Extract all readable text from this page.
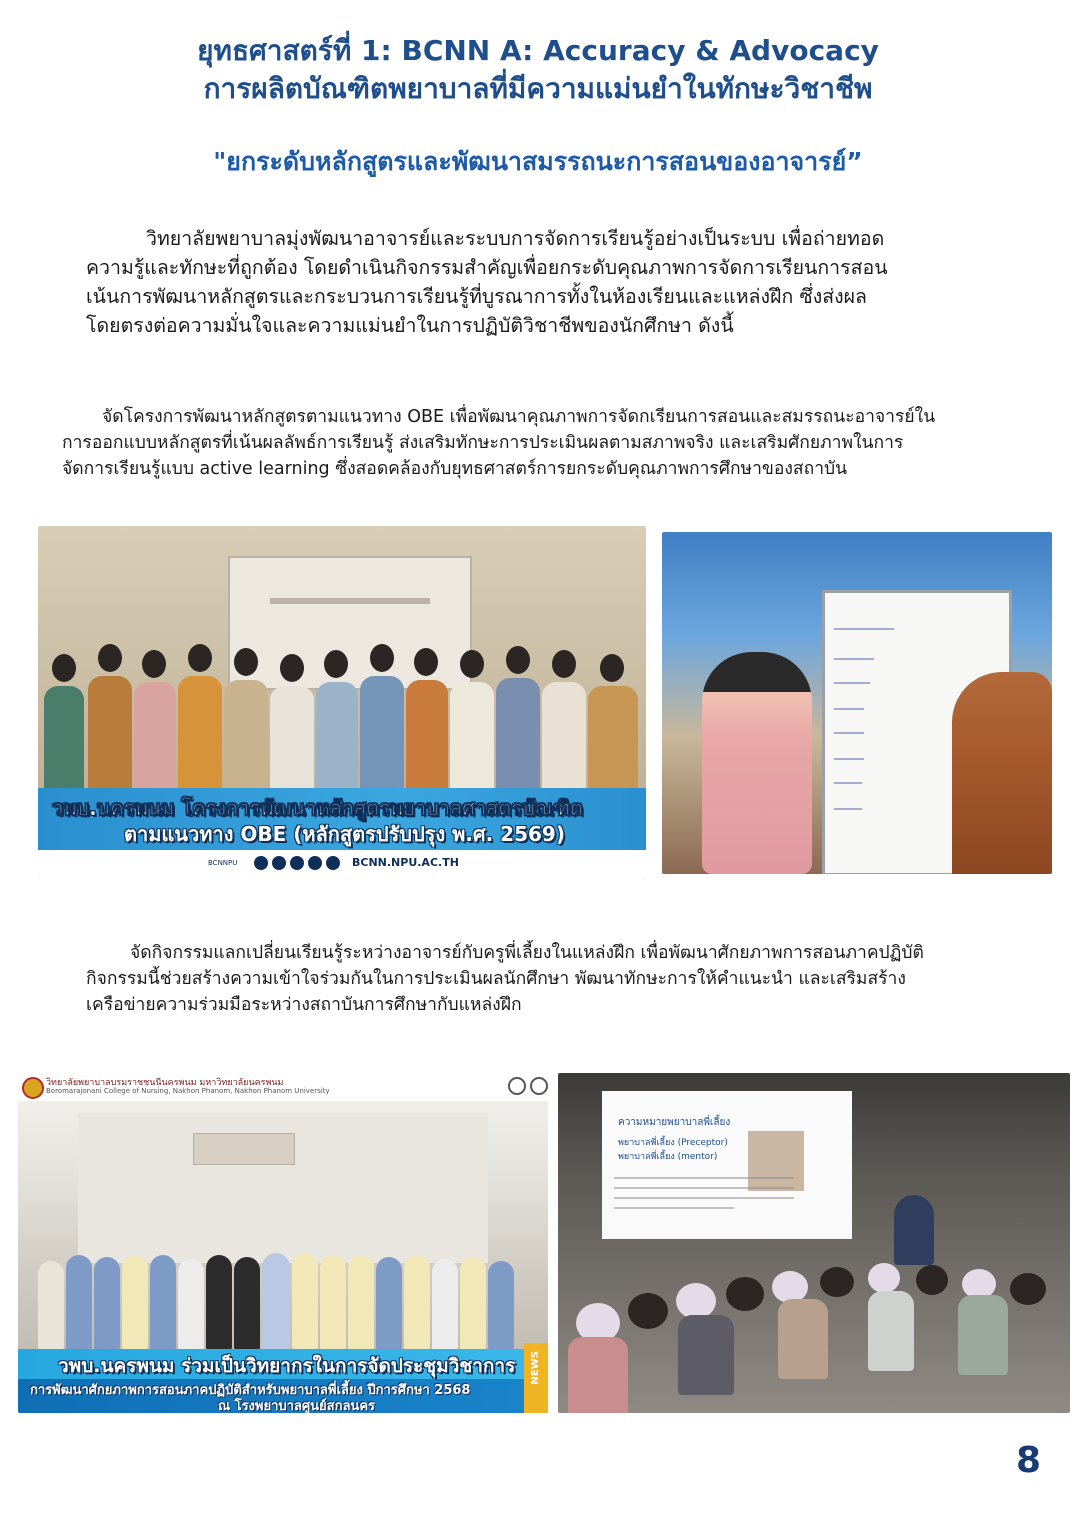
ยุทธศาสตร์ที่ 1: BCNN A: Accuracy & Advocacy
การผลิตบัณฑิตพยาบาลที่มีความแม่นยำในทักษะวิชาชีพ
"ยกระดับหลักสูตรและพัฒนาสมรรถนะการสอนของอาจารย์”

วิทยาลัยพยาบาลมุ่งพัฒนาอาจารย์และระบบการจัดการเรียนรู้อย่างเป็นระบบ เพื่อถ่ายทอด
ความรู้และทักษะที่ถูกต้อง โดยดำเนินกิจกรรมสำคัญเพื่อยกระดับคุณภาพการจัดการเรียนการสอน
เน้นการพัฒนาหลักสูตรและกระบวนการเรียนรู้ที่บูรณาการทั้งในห้องเรียนและแหล่งฝึก ซึ่งส่งผล
โดยตรงต่อความมั่นใจและความแม่นยำในการปฏิบัติวิชาชีพของนักศึกษา ดังนี้

จัดโครงการพัฒนาหลักสูตรตามแนวทาง OBE เพื่อพัฒนาคุณภาพการจัดกเรียนการสอนและสมรรถนะอาจารย์ใน
การออกแบบหลักสูตรที่เน้นผลลัพธ์การเรียนรู้ ส่งเสริมทักษะการประเมินผลตามสภาพจริง และเสริมศักยภาพในการ
จัดการเรียนรู้แบบ active learning ซึ่งสอดคล้องกับยุทธศาสตร์การยกระดับคุณภาพการศึกษาของสถาบัน

วพบ.นครพนม โครงการพัฒนาหลักสูตรพยาบาลศาสตรบัณฑิต
ตามแนวทาง OBE (หลักสูตรปรับปรุง พ.ศ. 2569)
BCNNPU	BCNN.NPU.AC.TH

จัดกิจกรรมแลกเปลี่ยนเรียนรู้ระหว่างอาจารย์กับครูพี่เลี้ยงในแหล่งฝึก เพื่อพัฒนาศักยภาพการสอนภาคปฏิบัติ
กิจกรรมนี้ช่วยสร้างความเข้าใจร่วมกันในการประเมินผลนักศึกษา พัฒนาทักษะการให้คำแนะนำ และเสริมสร้าง
เครือข่ายความร่วมมือระหว่างสถาบันการศึกษากับแหล่งฝึก

วิทยาลัยพยาบาลบรมราชชนนีนครพนม มหาวิทยาลัยนครพนม
Boromarajonani College of Nursing, Nakhon Phanom, Nakhon Phanom University
วพบ.นครพนม ร่วมเป็นวิทยากรในการจัดประชุมวิชาการ
การพัฒนาศักยภาพการสอนภาคปฏิบัติสำหรับพยาบาลพี่เลี้ยง ปีการศึกษา 2568
ณ โรงพยาบาลศูนย์สกลนคร
NEWS
ความหมายพยาบาลพี่เลี้ยง
พยาบาลพี่เลี้ยง (Preceptor)
พยาบาลพี่เลี้ยง (mentor)
8
